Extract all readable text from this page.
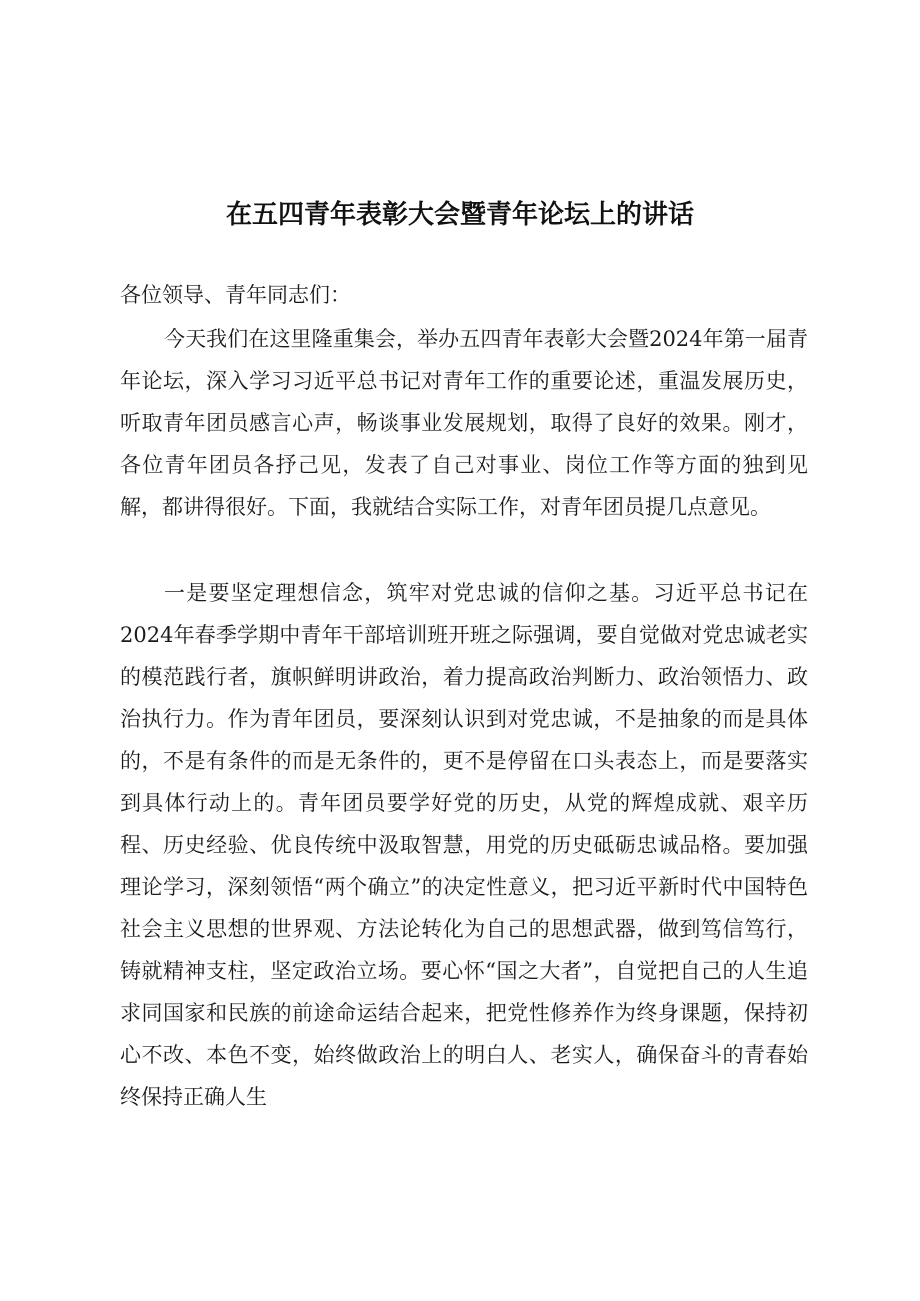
在五四青年表彰大会暨青年论坛上的讲话
各位领导、青年同志们：

今天我们在这里隆重集会，举办五四青年表彰大会暨2024年第一届青年论坛，深入学习习近平总书记对青年工作的重要论述，重温发展历史，听取青年团员感言心声，畅谈事业发展规划，取得了良好的效果。刚才，各位青年团员各抒己见，发表了自己对事业、岗位工作等方面的独到见解，都讲得很好。下面，我就结合实际工作，对青年团员提几点意见。

一是要坚定理想信念，筑牢对党忠诚的信仰之基。习近平总书记在2024年春季学期中青年干部培训班开班之际强调，要自觉做对党忠诚老实的模范践行者，旗帜鲜明讲政治，着力提高政治判断力、政治领悟力、政治执行力。作为青年团员，要深刻认识到对党忠诚，不是抽象的而是具体的，不是有条件的而是无条件的，更不是停留在口头表态上，而是要落实到具体行动上的。青年团员要学好党的历史，从党的辉煌成就、艰辛历程、历史经验、优良传统中汲取智慧，用党的历史砥砺忠诚品格。要加强理论学习，深刻领悟“两个确立”的决定性意义，把习近平新时代中国特色社会主义思想的世界观、方法论转化为自己的思想武器，做到笃信笃行，铸就精神支柱，坚定政治立场。要心怀“国之大者”，自觉把自己的人生追求同国家和民族的前途命运结合起来，把党性修养作为终身课题，保持初心不改、本色不变，始终做政治上的明白人、老实人，确保奋斗的青春始终保持正确人生
